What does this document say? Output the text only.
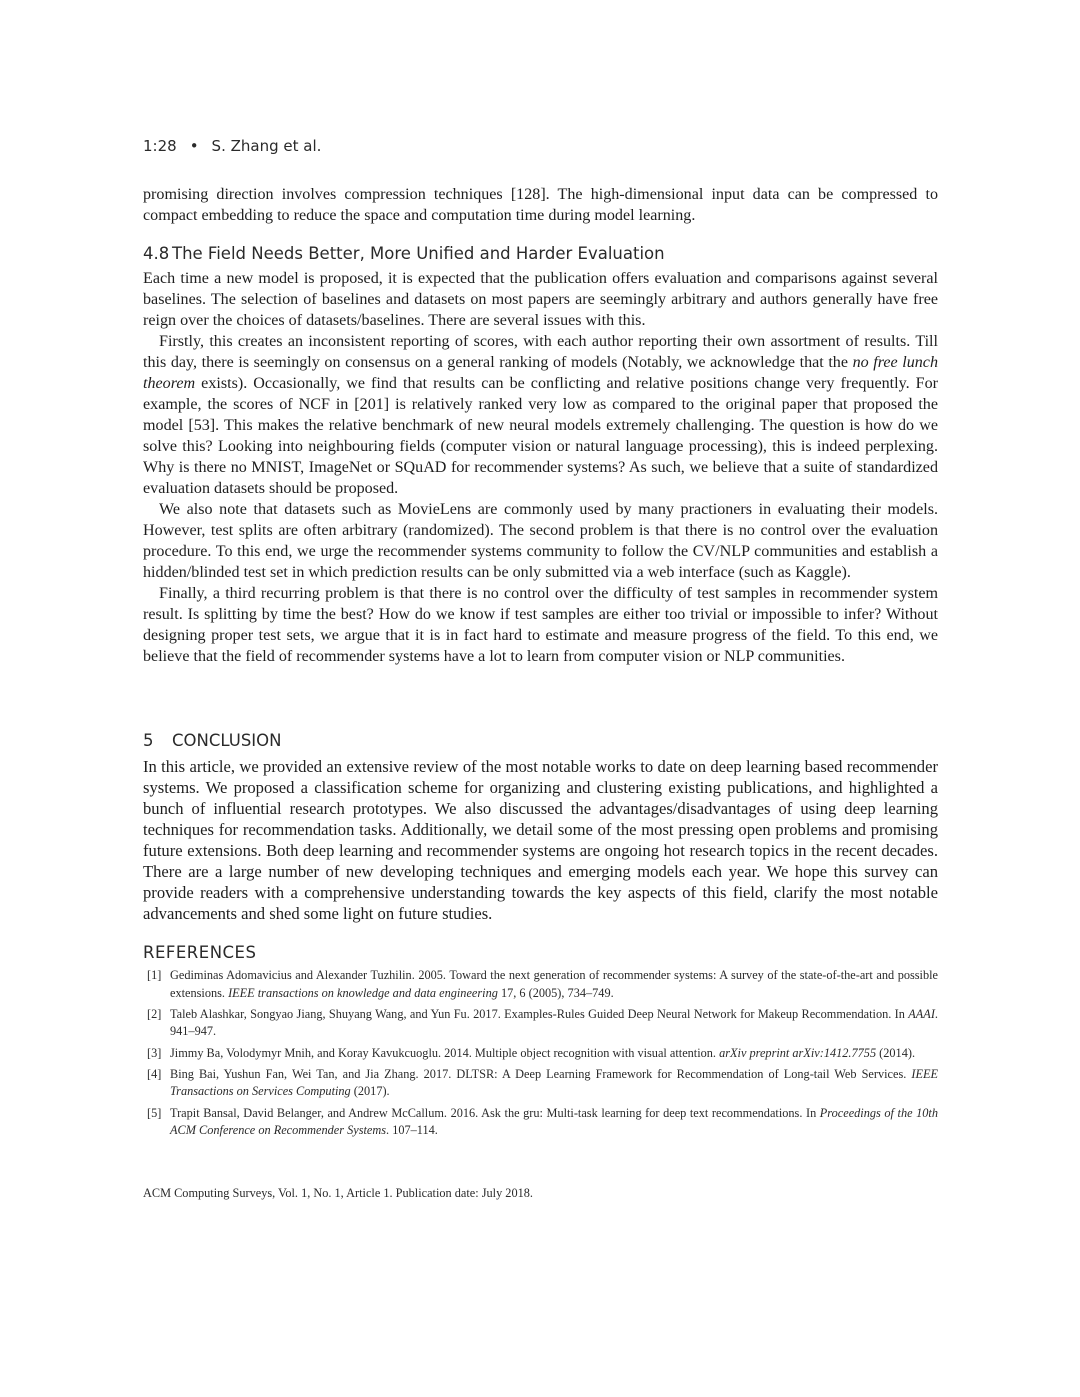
1:28 • S. Zhang et al.

promising direction involves compression techniques [128]. The high-dimensional input data can be compressed to compact embedding to reduce the space and computation time during model learning.

4.8 The Field Needs Better, More Unified and Harder Evaluation

Each time a new model is proposed, it is expected that the publication offers evaluation and comparisons against several baselines. The selection of baselines and datasets on most papers are seemingly arbitrary and authors generally have free reign over the choices of datasets/baselines. There are several issues with this.

Firstly, this creates an inconsistent reporting of scores, with each author reporting their own assortment of results. Till this day, there is seemingly on consensus on a general ranking of models (Notably, we acknowledge that the no free lunch theorem exists). Occasionally, we find that results can be conflicting and relative positions change very frequently. For example, the scores of NCF in [201] is relatively ranked very low as compared to the original paper that proposed the model [53]. This makes the relative benchmark of new neural models extremely challenging. The question is how do we solve this? Looking into neighbouring fields (computer vision or natural language processing), this is indeed perplexing. Why is there no MNIST, ImageNet or SQuAD for recommender systems? As such, we believe that a suite of standardized evaluation datasets should be proposed.

We also note that datasets such as MovieLens are commonly used by many practioners in evaluating their models. However, test splits are often arbitrary (randomized). The second problem is that there is no control over the evaluation procedure. To this end, we urge the recommender systems community to follow the CV/NLP communities and establish a hidden/blinded test set in which prediction results can be only submitted via a web interface (such as Kaggle).

Finally, a third recurring problem is that there is no control over the difficulty of test samples in recommender system result. Is splitting by time the best? How do we know if test samples are either too trivial or impossible to infer? Without designing proper test sets, we argue that it is in fact hard to estimate and measure progress of the field. To this end, we believe that the field of recommender systems have a lot to learn from computer vision or NLP communities.

5 CONCLUSION

In this article, we provided an extensive review of the most notable works to date on deep learning based recommender systems. We proposed a classification scheme for organizing and clustering existing publications, and highlighted a bunch of influential research prototypes. We also discussed the advantages/disadvantages of using deep learning techniques for recommendation tasks. Additionally, we detail some of the most pressing open problems and promising future extensions. Both deep learning and recommender systems are ongoing hot research topics in the recent decades. There are a large number of new developing techniques and emerging models each year. We hope this survey can provide readers with a comprehensive understanding towards the key aspects of this field, clarify the most notable advancements and shed some light on future studies.

REFERENCES

[1] Gediminas Adomavicius and Alexander Tuzhilin. 2005. Toward the next generation of recommender systems: A survey of the state-of-the-art and possible extensions. IEEE transactions on knowledge and data engineering 17, 6 (2005), 734–749.

[2] Taleb Alashkar, Songyao Jiang, Shuyang Wang, and Yun Fu. 2017. Examples-Rules Guided Deep Neural Network for Makeup Recommendation. In AAAI. 941–947.

[3] Jimmy Ba, Volodymyr Mnih, and Koray Kavukcuoglu. 2014. Multiple object recognition with visual attention. arXiv preprint arXiv:1412.7755 (2014).

[4] Bing Bai, Yushun Fan, Wei Tan, and Jia Zhang. 2017. DLTSR: A Deep Learning Framework for Recommendation of Long-tail Web Services. IEEE Transactions on Services Computing (2017).

[5] Trapit Bansal, David Belanger, and Andrew McCallum. 2016. Ask the gru: Multi-task learning for deep text recommendations. In Proceedings of the 10th ACM Conference on Recommender Systems. 107–114.

ACM Computing Surveys, Vol. 1, No. 1, Article 1. Publication date: July 2018.
